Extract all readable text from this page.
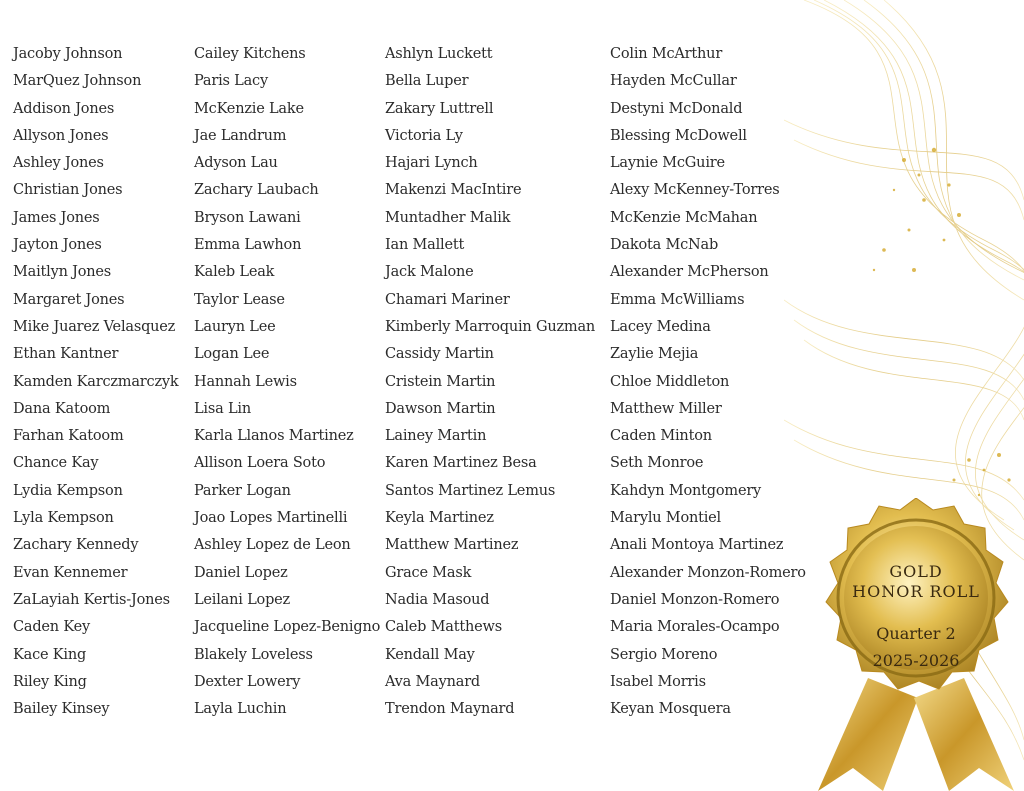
Jacoby Johnson
MarQuez Johnson
Addison Jones
Allyson Jones
Ashley Jones
Christian Jones
James Jones
Jayton Jones
Maitlyn Jones
Margaret Jones
Mike Juarez Velasquez
Ethan Kantner
Kamden Karczmarczyk
Dana Katoom
Farhan Katoom
Chance Kay
Lydia Kempson
Lyla Kempson
Zachary Kennedy
Evan Kennemer
ZaLayiah Kertis-Jones
Caden Key
Kace King
Riley King
Bailey Kinsey
Cailey Kitchens
Paris Lacy
McKenzie Lake
Jae Landrum
Adyson Lau
Zachary Laubach
Bryson Lawani
Emma Lawhon
Kaleb Leak
Taylor Lease
Lauryn Lee
Logan Lee
Hannah Lewis
Lisa Lin
Karla Llanos Martinez
Allison Loera Soto
Parker Logan
Joao Lopes Martinelli
Ashley Lopez de Leon
Daniel Lopez
Leilani Lopez
Jacqueline Lopez-Benigno
Blakely Loveless
Dexter Lowery
Layla Luchin
Ashlyn Luckett
Bella Luper
Zakary Luttrell
Victoria Ly
Hajari Lynch
Makenzi MacIntire
Muntadher Malik
Ian Mallett
Jack Malone
Chamari Mariner
Kimberly Marroquin Guzman
Cassidy Martin
Cristein Martin
Dawson Martin
Lainey Martin
Karen Martinez Besa
Santos Martinez Lemus
Keyla Martinez
Matthew Martinez
Grace Mask
Nadia Masoud
Caleb Matthews
Kendall May
Ava Maynard
Trendon Maynard
Colin McArthur
Hayden McCullar
Destyni McDonald
Blessing McDowell
Laynie McGuire
Alexy McKenney-Torres
McKenzie McMahan
Dakota McNab
Alexander McPherson
Emma McWilliams
Lacey Medina
Zaylie Mejia
Chloe Middleton
Matthew Miller
Caden Minton
Seth Monroe
Kahdyn Montgomery
Marylu Montiel
Anali Montoya Martinez
Alexander Monzon-Romero
Daniel Monzon-Romero
Maria Morales-Ocampo
Sergio Moreno
Isabel Morris
Keyan Mosquera
GOLD
HONOR ROLL
Quarter 2
2025-2026
